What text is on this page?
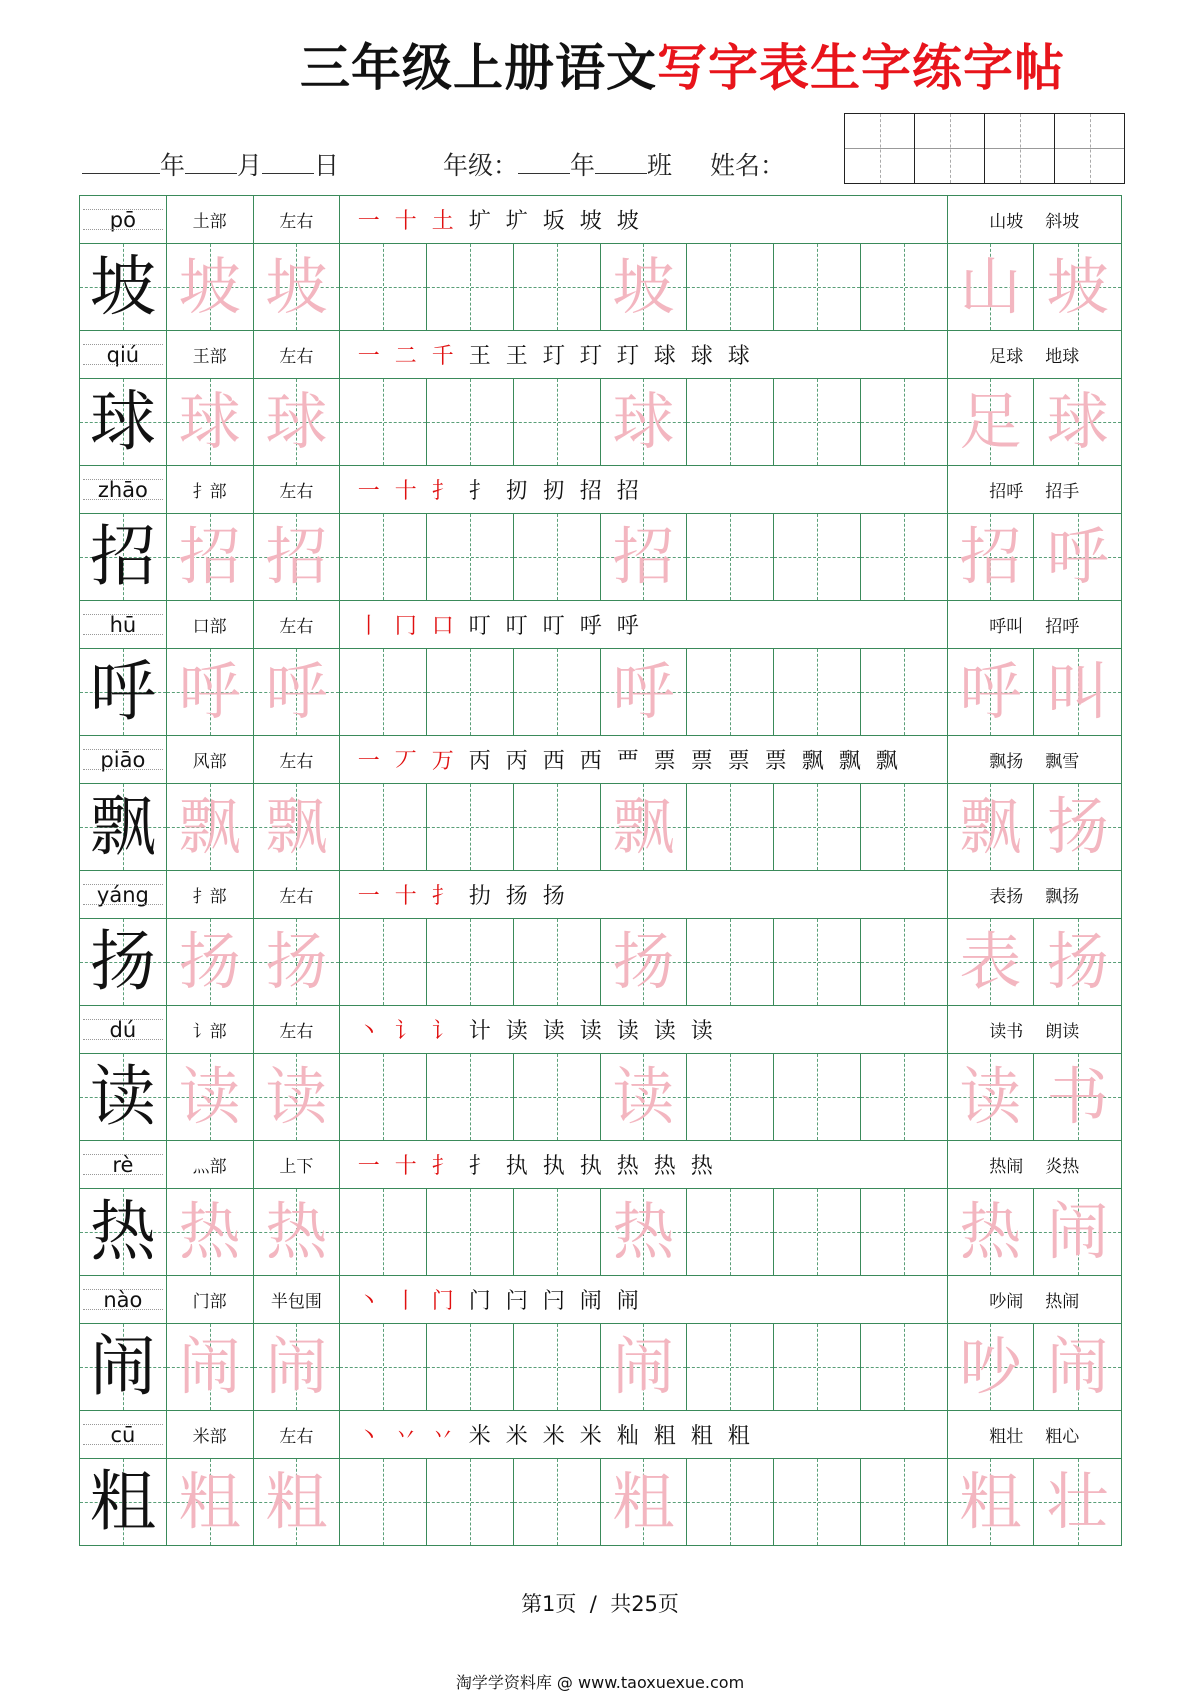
三年级上册语文写字表生字练字帖
年 月 日	年级： 年 班 姓名：
pō	土部	左右	一 十 土 圹 圹 坂 坡 坡	山坡 斜坡
坡 坡 坡	坡	山 坡
qiú	王部	左右	一 二 千 王 王 玎 玎 玎 球 球 球	足球 地球
球 球 球	球	足 球
zhāo	扌部	左右	一 十 扌 扌 扨 扨 招 招	招呼 招手
招 招 招	招	招 呼
hū	口部	左右	丨 冂 口 叮 叮 叮 呼 呼	呼叫 招呼
呼 呼 呼	呼	呼 叫
piāo	风部	左右	一 丆 万 丙 丙 西 西 覀 票 票 票 票 飘 飘 飘	飘扬 飘雪
飘 飘 飘	飘	飘 扬
yáng	扌部	左右	一 十 扌 扐 扬 扬	表扬 飘扬
扬 扬 扬	扬	表 扬
dú	讠部	左右	丶 讠 讠 计 读 读 读 读 读 读	读书 朗读
读 读 读	读	读 书
rè	灬部	上下	一 十 扌 扌 执 执 执 热 热 热	热闹 炎热
热 热 热	热	热 闹
nào	门部	半包围	丶 丨 门 门 闩 闩 闹 闹	吵闹 热闹
闹 闹 闹	闹	吵 闹
cū	米部	左右	丶 丷 丷 米 米 米 米 籼 粗 粗 粗	粗壮 粗心
粗 粗 粗	粗	粗 壮
第1页  /  共25页
淘学学资料库 @ www.taoxuexue.com
